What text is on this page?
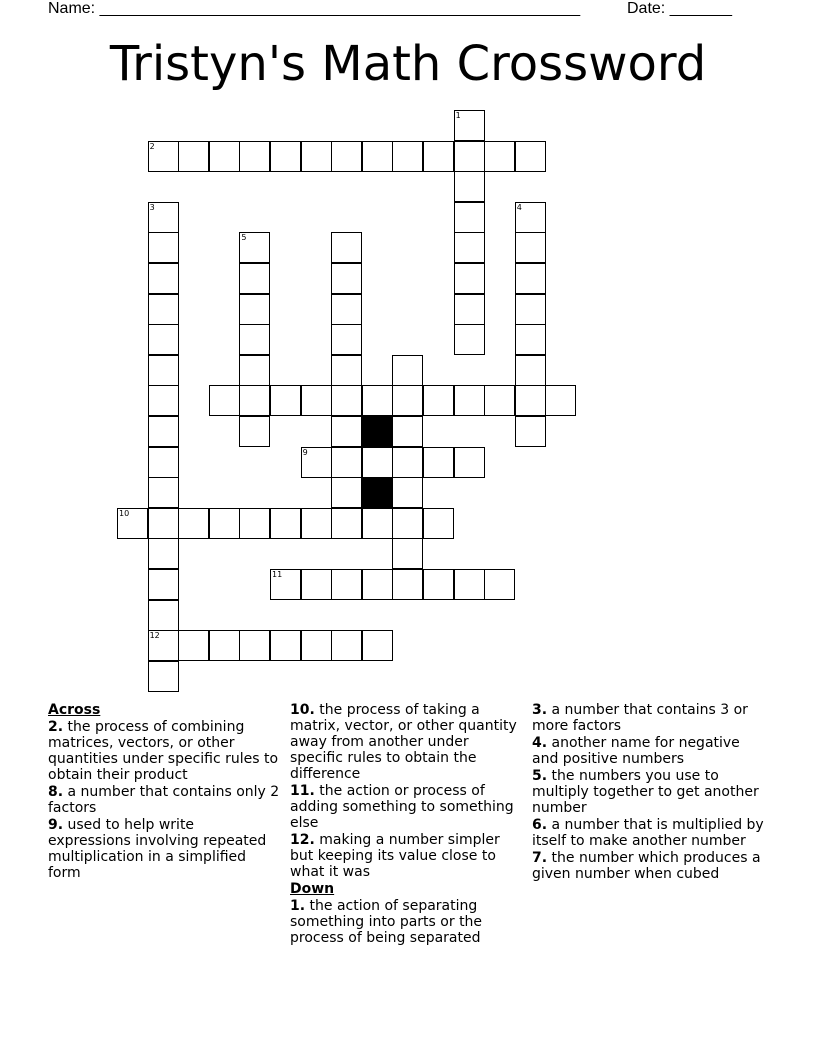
Name: ______________________________________________________	Date: _______
Tristyn's Math Crossword
1
2
3
12
4
5
9
10
11
Across
2. the process of combining matrices, vectors, or other quantities under specific rules to obtain their product
8. a number that contains only 2 factors
9. used to help write expressions involving repeated multiplication in a simplified form
10. the process of taking a matrix, vector, or other quantity away from another under specific rules to obtain the difference
11. the action or process of adding something to something else
12. making a number simpler but keeping its value close to what it was
Down
1. the action of separating something into parts or the process of being separated
3. a number that contains 3 or more factors
4. another name for negative and positive numbers
5. the numbers you use to multiply together to get another number
6. a number that is multiplied by itself to make another number
7. the number which produces a given number when cubed
